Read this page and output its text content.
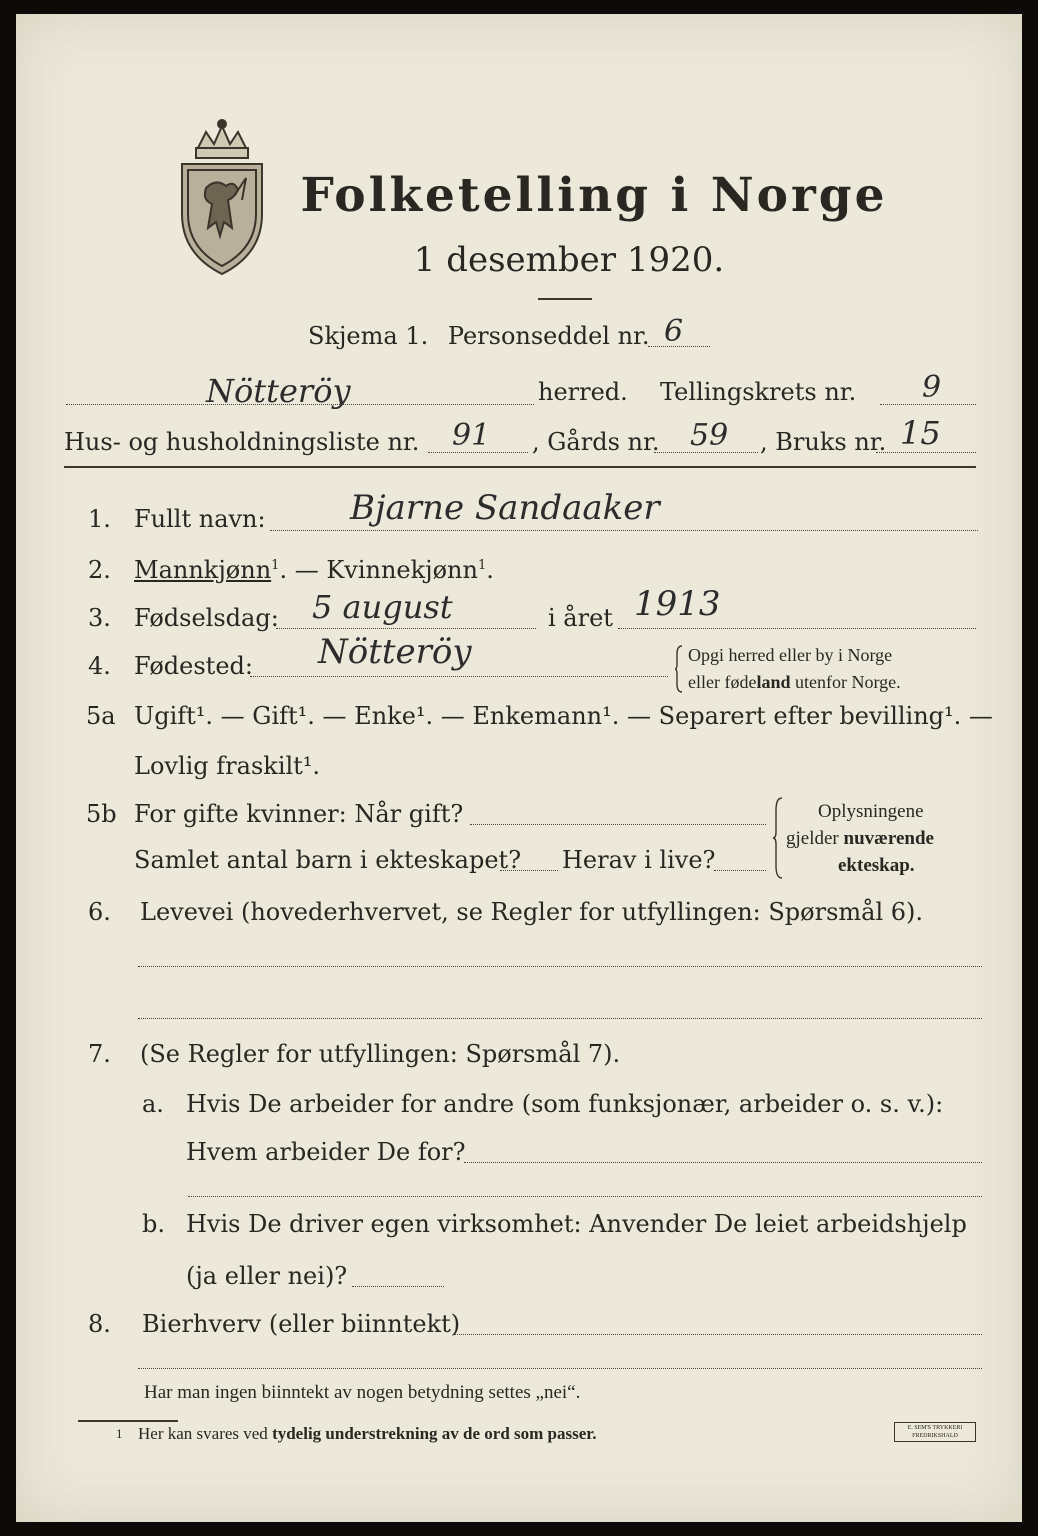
Folketelling i Norge
1 desember 1920.
Skjema 1. Personseddel nr. 6
Nötteröy	herred. Tellingskrets nr. 9
Hus- og husholdningsliste nr. 91 , Gårds nr. 59 , Bruks nr. 15
1. Fullt navn: Bjarne Sandaaker
2. Mannkjønn$^1$. — Kvinnekjønn$^1$.
3. Fødselsdag: 5 august	i året 1913
4. Fødested: Nötteröy	Opgi herred eller by i Norge
eller fødeland utenfor Norge.
5a Ugift¹. — Gift¹. — Enke¹. — Enkemann¹. — Separert efter bevilling¹. —
Lovlig fraskilt¹.
5b For gifte kvinner: Når gift?
Samlet antal barn i ekteskapet? Herav i live?
Oplysningene
gjelder nuværende
ekteskap.
6. Levevei (hovederhvervet, se Regler for utfyllingen: Spørsmål 6).
7. (Se Regler for utfyllingen: Spørsmål 7).
a. Hvis De arbeider for andre (som funksjonær, arbeider o. s. v.):
Hvem arbeider De for?
b. Hvis De driver egen virksomhet: Anvender De leiet arbeidshjelp
(ja eller nei)?
8. Bierhverv (eller biinntekt)
Har man ingen biinntekt av nogen betydning settes „nei“.
1 Her kan svares ved tydelig understrekning av de ord som passer.	E. SEM'S TRYKKERI FREDRIKSHALD
